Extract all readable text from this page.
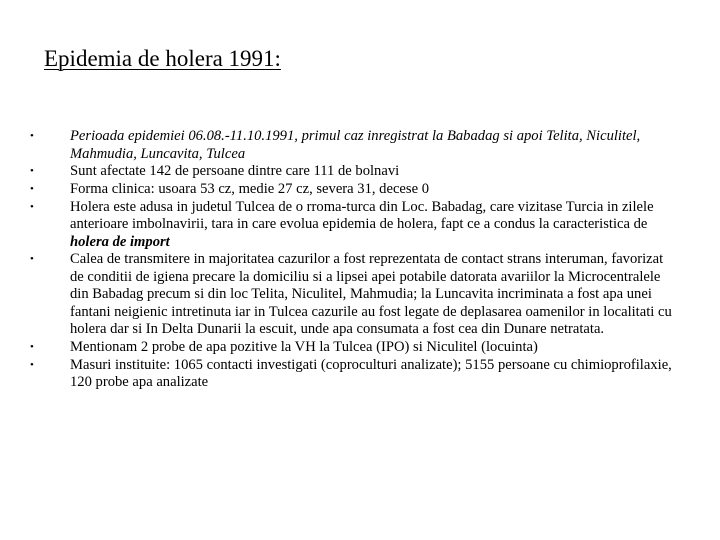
Epidemia de holera 1991:
• Perioada epidemiei 06.08.-11.10.1991, primul caz inregistrat la Babadag si apoi Telita, Niculitel, Mahmudia, Luncavita, Tulcea
• Sunt afectate 142 de persoane dintre care 111 de bolnavi
• Forma clinica: usoara 53 cz, medie 27 cz, severa 31, decese 0
• Holera este adusa in judetul Tulcea de o rroma-turca din Loc. Babadag, care vizitase Turcia in zilele anterioare imbolnavirii, tara in care evolua epidemia de holera, fapt ce a condus la caracteristica de holera de import
• Calea de transmitere in majoritatea cazurilor a fost reprezentata de contact strans interuman, favorizat de conditii de igiena precare la domiciliu si a lipsei apei potabile datorata avariilor la Microcentralele din Babadag precum si din loc Telita, Niculitel, Mahmudia; la Luncavita incriminata a fost apa unei fantani neigienic intretinuta iar in Tulcea cazurile au fost legate de deplasarea oamenilor in localitati cu holera dar si In Delta Dunarii la escuit, unde apa consumata a fost cea din Dunare netratata.
• Mentionam 2 probe de apa pozitive la VH la Tulcea (IPO) si Niculitel (locuinta)
• Masuri instituite: 1065 contacti investigati (coproculturi analizate); 5155 persoane cu chimioprofilaxie, 120 probe apa analizate
